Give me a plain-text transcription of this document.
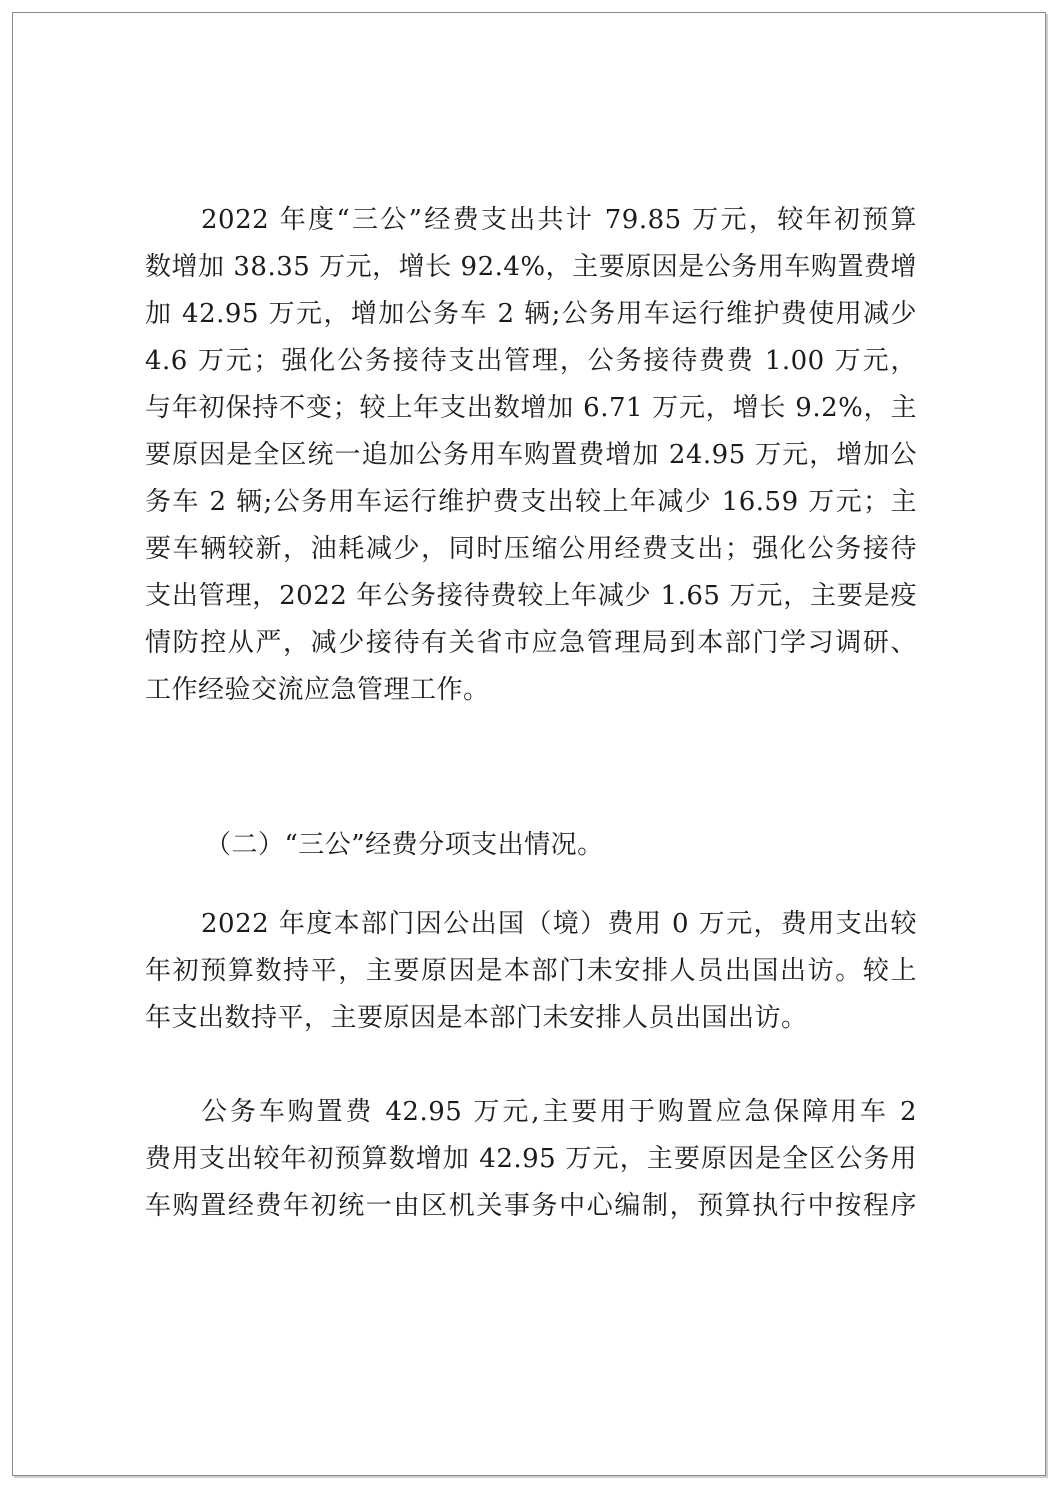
2022 年度“三公”经费支出共计 79.85 万元，较年初预算
数增加 38.35 万元，增长 92.4%，主要原因是公务用车购置费增
加 42.95 万元，增加公务车 2 辆;公务用车运行维护费使用减少
4.6 万元；强化公务接待支出管理，公务接待费费 1.00 万元，
与年初保持不变；较上年支出数增加 6.71 万元，增长 9.2%，主
要原因是全区统一追加公务用车购置费增加 24.95 万元，增加公
务车 2 辆;公务用车运行维护费支出较上年减少 16.59 万元；主
要车辆较新，油耗减少，同时压缩公用经费支出；强化公务接待
支出管理，2022 年公务接待费较上年减少 1.65 万元，主要是疫
情防控从严，减少接待有关省市应急管理局到本部门学习调研、
工作经验交流应急管理工作。
（二）“三公”经费分项支出情况。
2022 年度本部门因公出国（境）费用 0 万元，费用支出较
年初预算数持平，主要原因是本部门未安排人员出国出访。较上
年支出数持平，主要原因是本部门未安排人员出国出访。
公务车购置费 42.95 万元,主要用于购置应急保障用车 2
费用支出较年初预算数增加 42.95 万元，主要原因是全区公务用
车购置经费年初统一由区机关事务中心编制，预算执行中按程序
